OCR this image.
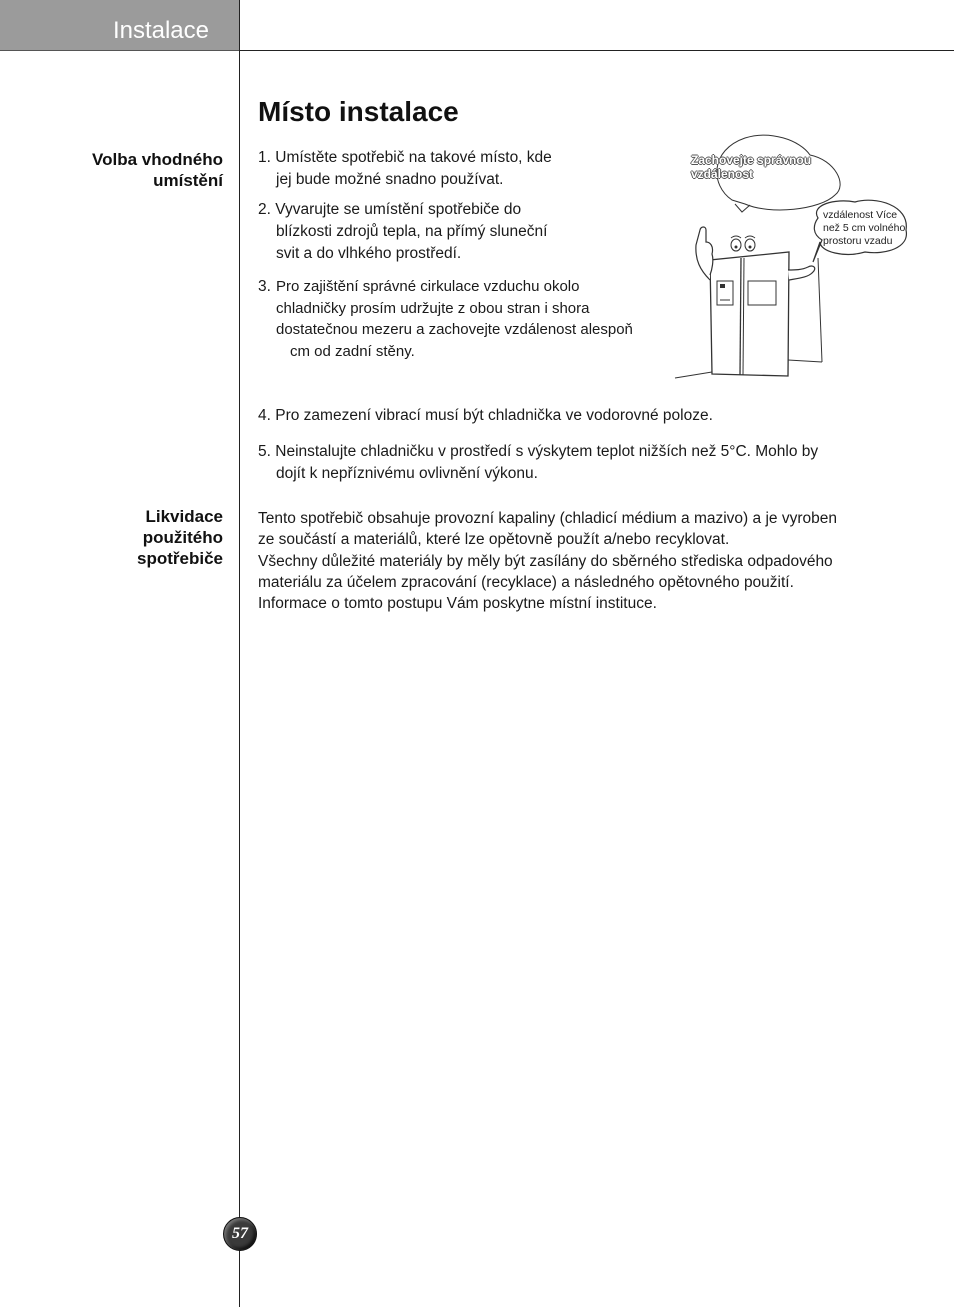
Instalace
Místo instalace
Volba vhodného
umístění
1. Umístěte spotřebič na takové místo, kde
jej bude možné snadno používat.
2. Vyvarujte se umístění spotřebiče do
blízkosti zdrojů tepla, na přímý sluneční
svit a do vlhkého prostředí.
3. Pro zajištění správné cirkulace vzduchu okolo
chladničky prosím udržujte z obou stran i shora
dostatečnou mezeru a zachovejte vzdálenost alespoň
cm od zadní stěny.
4. Pro zamezení vibrací musí být chladnička ve vodorovné poloze.
5. Neinstalujte chladničku v prostředí s výskytem teplot nižších než 5°C. Mohlo by
dojít k nepříznivému ovlivnění výkonu.
Likvidace
použitého
spotřebiče
Tento spotřebič obsahuje provozní kapaliny (chladicí médium a mazivo) a je vyroben
ze součástí a materiálů, které lze opětovně použít a/nebo recyklovat.
Všechny důležité materiály by měly být zasílány do sběrného střediska odpadového
materiálu za účelem zpracování (recyklace) a následného opětovného použití.
Informace o tomto postupu Vám poskytne místní instituce.
Zachovejte správnou
vzdálenost
vzdálenost Více
než 5 cm volného
prostoru vzadu
57
